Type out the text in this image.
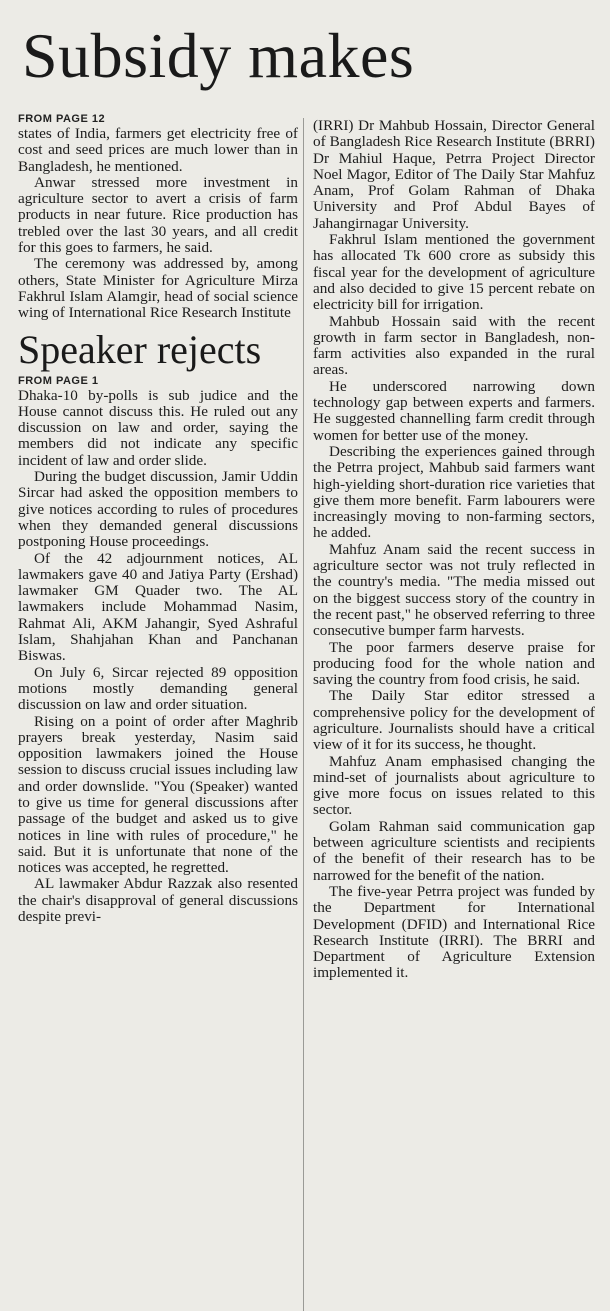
Subsidy makes
FROM PAGE 12

states of India, farmers get electricity free of cost and seed prices are much lower than in Bangladesh, he mentioned.

Anwar stressed more investment in agriculture sector to avert a crisis of farm products in near future. Rice production has trebled over the last 30 years, and all credit for this goes to farmers, he said.

The ceremony was addressed by, among others, State Minister for Agriculture Mirza Fakhrul Islam Alamgir, head of social science wing of International Rice Research Institute

Speaker rejects
FROM PAGE 1

Dhaka-10 by-polls is sub judice and the House cannot discuss this. He ruled out any discussion on law and order, saying the members did not indicate any specific incident of law and order slide.

During the budget discussion, Jamir Uddin Sircar had asked the opposition members to give notices according to rules of procedures when they demanded general discussions postponing House proceedings.

Of the 42 adjournment notices, AL lawmakers gave 40 and Jatiya Party (Ershad) lawmaker GM Quader two. The AL lawmakers include Mohammad Nasim, Rahmat Ali, AKM Jahangir, Syed Ashraful Islam, Shahjahan Khan and Panchanan Biswas.

On July 6, Sircar rejected 89 opposition motions mostly demanding general discussion on law and order situation.

Rising on a point of order after Maghrib prayers break yesterday, Nasim said opposition lawmakers joined the House session to discuss crucial issues including law and order downslide. "You (Speaker) wanted to give us time for general discussions after passage of the budget and asked us to give notices in line with rules of procedure," he said. But it is unfortunate that none of the notices was accepted, he regretted.

AL lawmaker Abdur Razzak also resented the chair's disapproval of general discussions despite previ-

(IRRI) Dr Mahbub Hossain, Director General of Bangladesh Rice Research Institute (BRRI) Dr Mahiul Haque, Petrra Project Director Noel Magor, Editor of The Daily Star Mahfuz Anam, Prof Golam Rahman of Dhaka University and Prof Abdul Bayes of Jahangirnagar University.

Fakhrul Islam mentioned the government has allocated Tk 600 crore as subsidy this fiscal year for the development of agriculture and also decided to give 15 percent rebate on electricity bill for irrigation.

Mahbub Hossain said with the recent growth in farm sector in Bangladesh, non-farm activities also expanded in the rural areas.

He underscored narrowing down technology gap between experts and farmers. He suggested channelling farm credit through women for better use of the money.

Describing the experiences gained through the Petrra project, Mahbub said farmers want high-yielding short-duration rice varieties that give them more benefit. Farm labourers were increasingly moving to non-farming sectors, he added.

Mahfuz Anam said the recent success in agriculture sector was not truly reflected in the country's media. "The media missed out on the biggest success story of the country in the recent past," he observed referring to three consecutive bumper farm harvests.

The poor farmers deserve praise for producing food for the whole nation and saving the country from food crisis, he said.

The Daily Star editor stressed a comprehensive policy for the development of agriculture. Journalists should have a critical view of it for its success, he thought.

Mahfuz Anam emphasised changing the mind-set of journalists about agriculture to give more focus on issues related to this sector.

Golam Rahman said communication gap between agriculture scientists and recipients of the benefit of their research has to be narrowed for the benefit of the nation.

The five-year Petrra project was funded by the Department for International Development (DFID) and International Rice Research Institute (IRRI). The BRRI and Department of Agriculture Extension implemented it.
